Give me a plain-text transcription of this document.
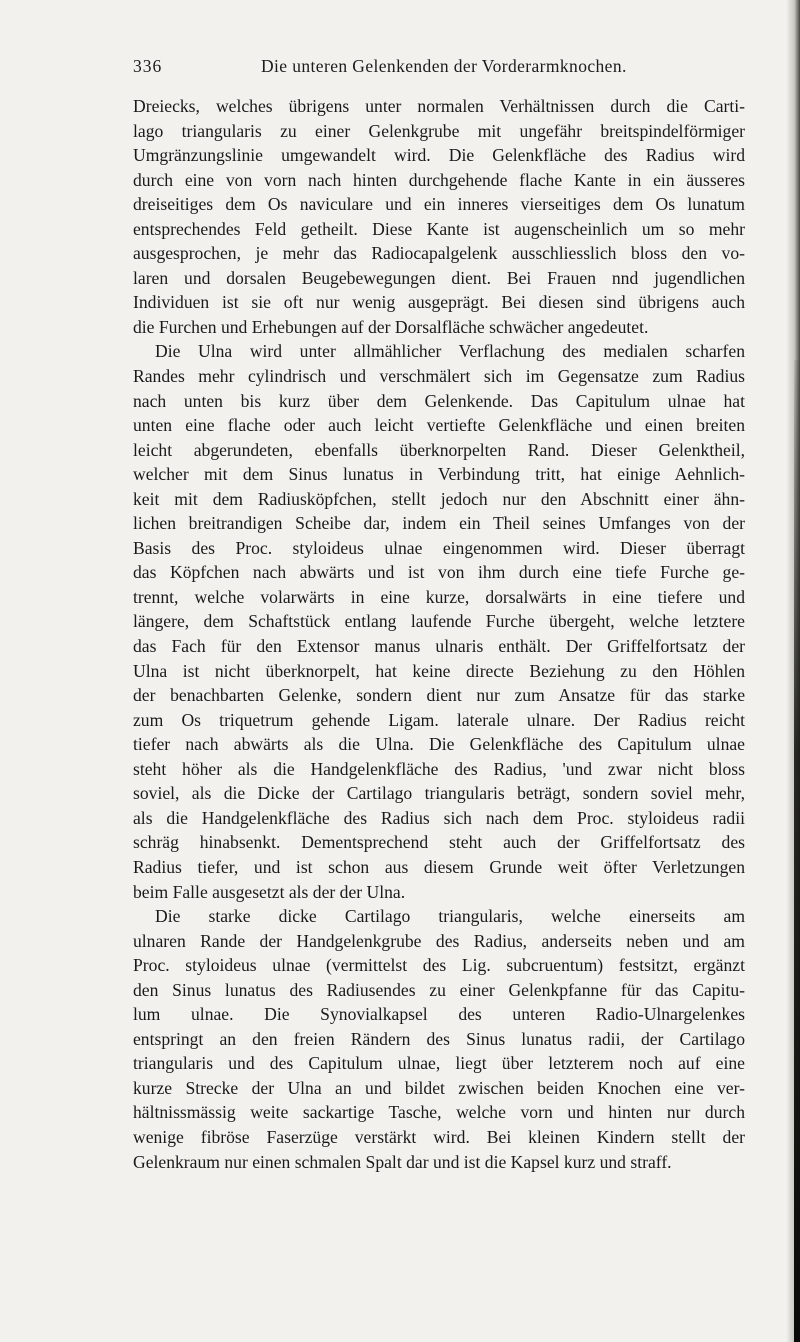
336	Die unteren Gelenkenden der Vorderarmknochen.
Dreiecks, welches übrigens unter normalen Verhältnissen durch die Carti-
lago triangularis zu einer Gelenkgrube mit ungefähr breitspindelförmiger
Umgränzungslinie umgewandelt wird. Die Gelenkfläche des Radius wird
durch eine von vorn nach hinten durchgehende flache Kante in ein äusseres
dreiseitiges dem Os naviculare und ein inneres vierseitiges dem Os lunatum
entsprechendes Feld getheilt. Diese Kante ist augenscheinlich um so mehr
ausgesprochen, je mehr das Radiocapalgelenk ausschliesslich bloss den vo-
laren und dorsalen Beugebewegungen dient. Bei Frauen nnd jugendlichen
Individuen ist sie oft nur wenig ausgeprägt. Bei diesen sind übrigens auch
die Furchen und Erhebungen auf der Dorsalfläche schwächer angedeutet.
Die Ulna wird unter allmählicher Verflachung des medialen scharfen
Randes mehr cylindrisch und verschmälert sich im Gegensatze zum Radius
nach unten bis kurz über dem Gelenkende. Das Capitulum ulnae hat
unten eine flache oder auch leicht vertiefte Gelenkfläche und einen breiten
leicht abgerundeten, ebenfalls überknorpelten Rand. Dieser Gelenktheil,
welcher mit dem Sinus lunatus in Verbindung tritt, hat einige Aehnlich-
keit mit dem Radiusköpfchen, stellt jedoch nur den Abschnitt einer ähn-
lichen breitrandigen Scheibe dar, indem ein Theil seines Umfanges von der
Basis des Proc. styloideus ulnae eingenommen wird. Dieser überragt
das Köpfchen nach abwärts und ist von ihm durch eine tiefe Furche ge-
trennt, welche volarwärts in eine kurze, dorsalwärts in eine tiefere und
längere, dem Schaftstück entlang laufende Furche übergeht, welche letztere
das Fach für den Extensor manus ulnaris enthält. Der Griffelfortsatz der
Ulna ist nicht überknorpelt, hat keine directe Beziehung zu den Höhlen
der benachbarten Gelenke, sondern dient nur zum Ansatze für das starke
zum Os triquetrum gehende Ligam. laterale ulnare. Der Radius reicht
tiefer nach abwärts als die Ulna. Die Gelenkfläche des Capitulum ulnae
steht höher als die Handgelenkfläche des Radius, 'und zwar nicht bloss
soviel, als die Dicke der Cartilago triangularis beträgt, sondern soviel mehr,
als die Handgelenkfläche des Radius sich nach dem Proc. styloideus radii
schräg hinabsenkt. Dementsprechend steht auch der Griffelfortsatz des
Radius tiefer, und ist schon aus diesem Grunde weit öfter Verletzungen
beim Falle ausgesetzt als der der Ulna.
Die starke dicke Cartilago triangularis, welche einerseits am
ulnaren Rande der Handgelenkgrube des Radius, anderseits neben und am
Proc. styloideus ulnae (vermittelst des Lig. subcruentum) festsitzt, ergänzt
den Sinus lunatus des Radiusendes zu einer Gelenkpfanne für das Capitu-
lum ulnae. Die Synovialkapsel des unteren Radio-Ulnargelenkes
entspringt an den freien Rändern des Sinus lunatus radii, der Cartilago
triangularis und des Capitulum ulnae, liegt über letzterem noch auf eine
kurze Strecke der Ulna an und bildet zwischen beiden Knochen eine ver-
hältnissmässig weite sackartige Tasche, welche vorn und hinten nur durch
wenige fibröse Faserzüge verstärkt wird. Bei kleinen Kindern stellt der
Gelenkraum nur einen schmalen Spalt dar und ist die Kapsel kurz und straff.
